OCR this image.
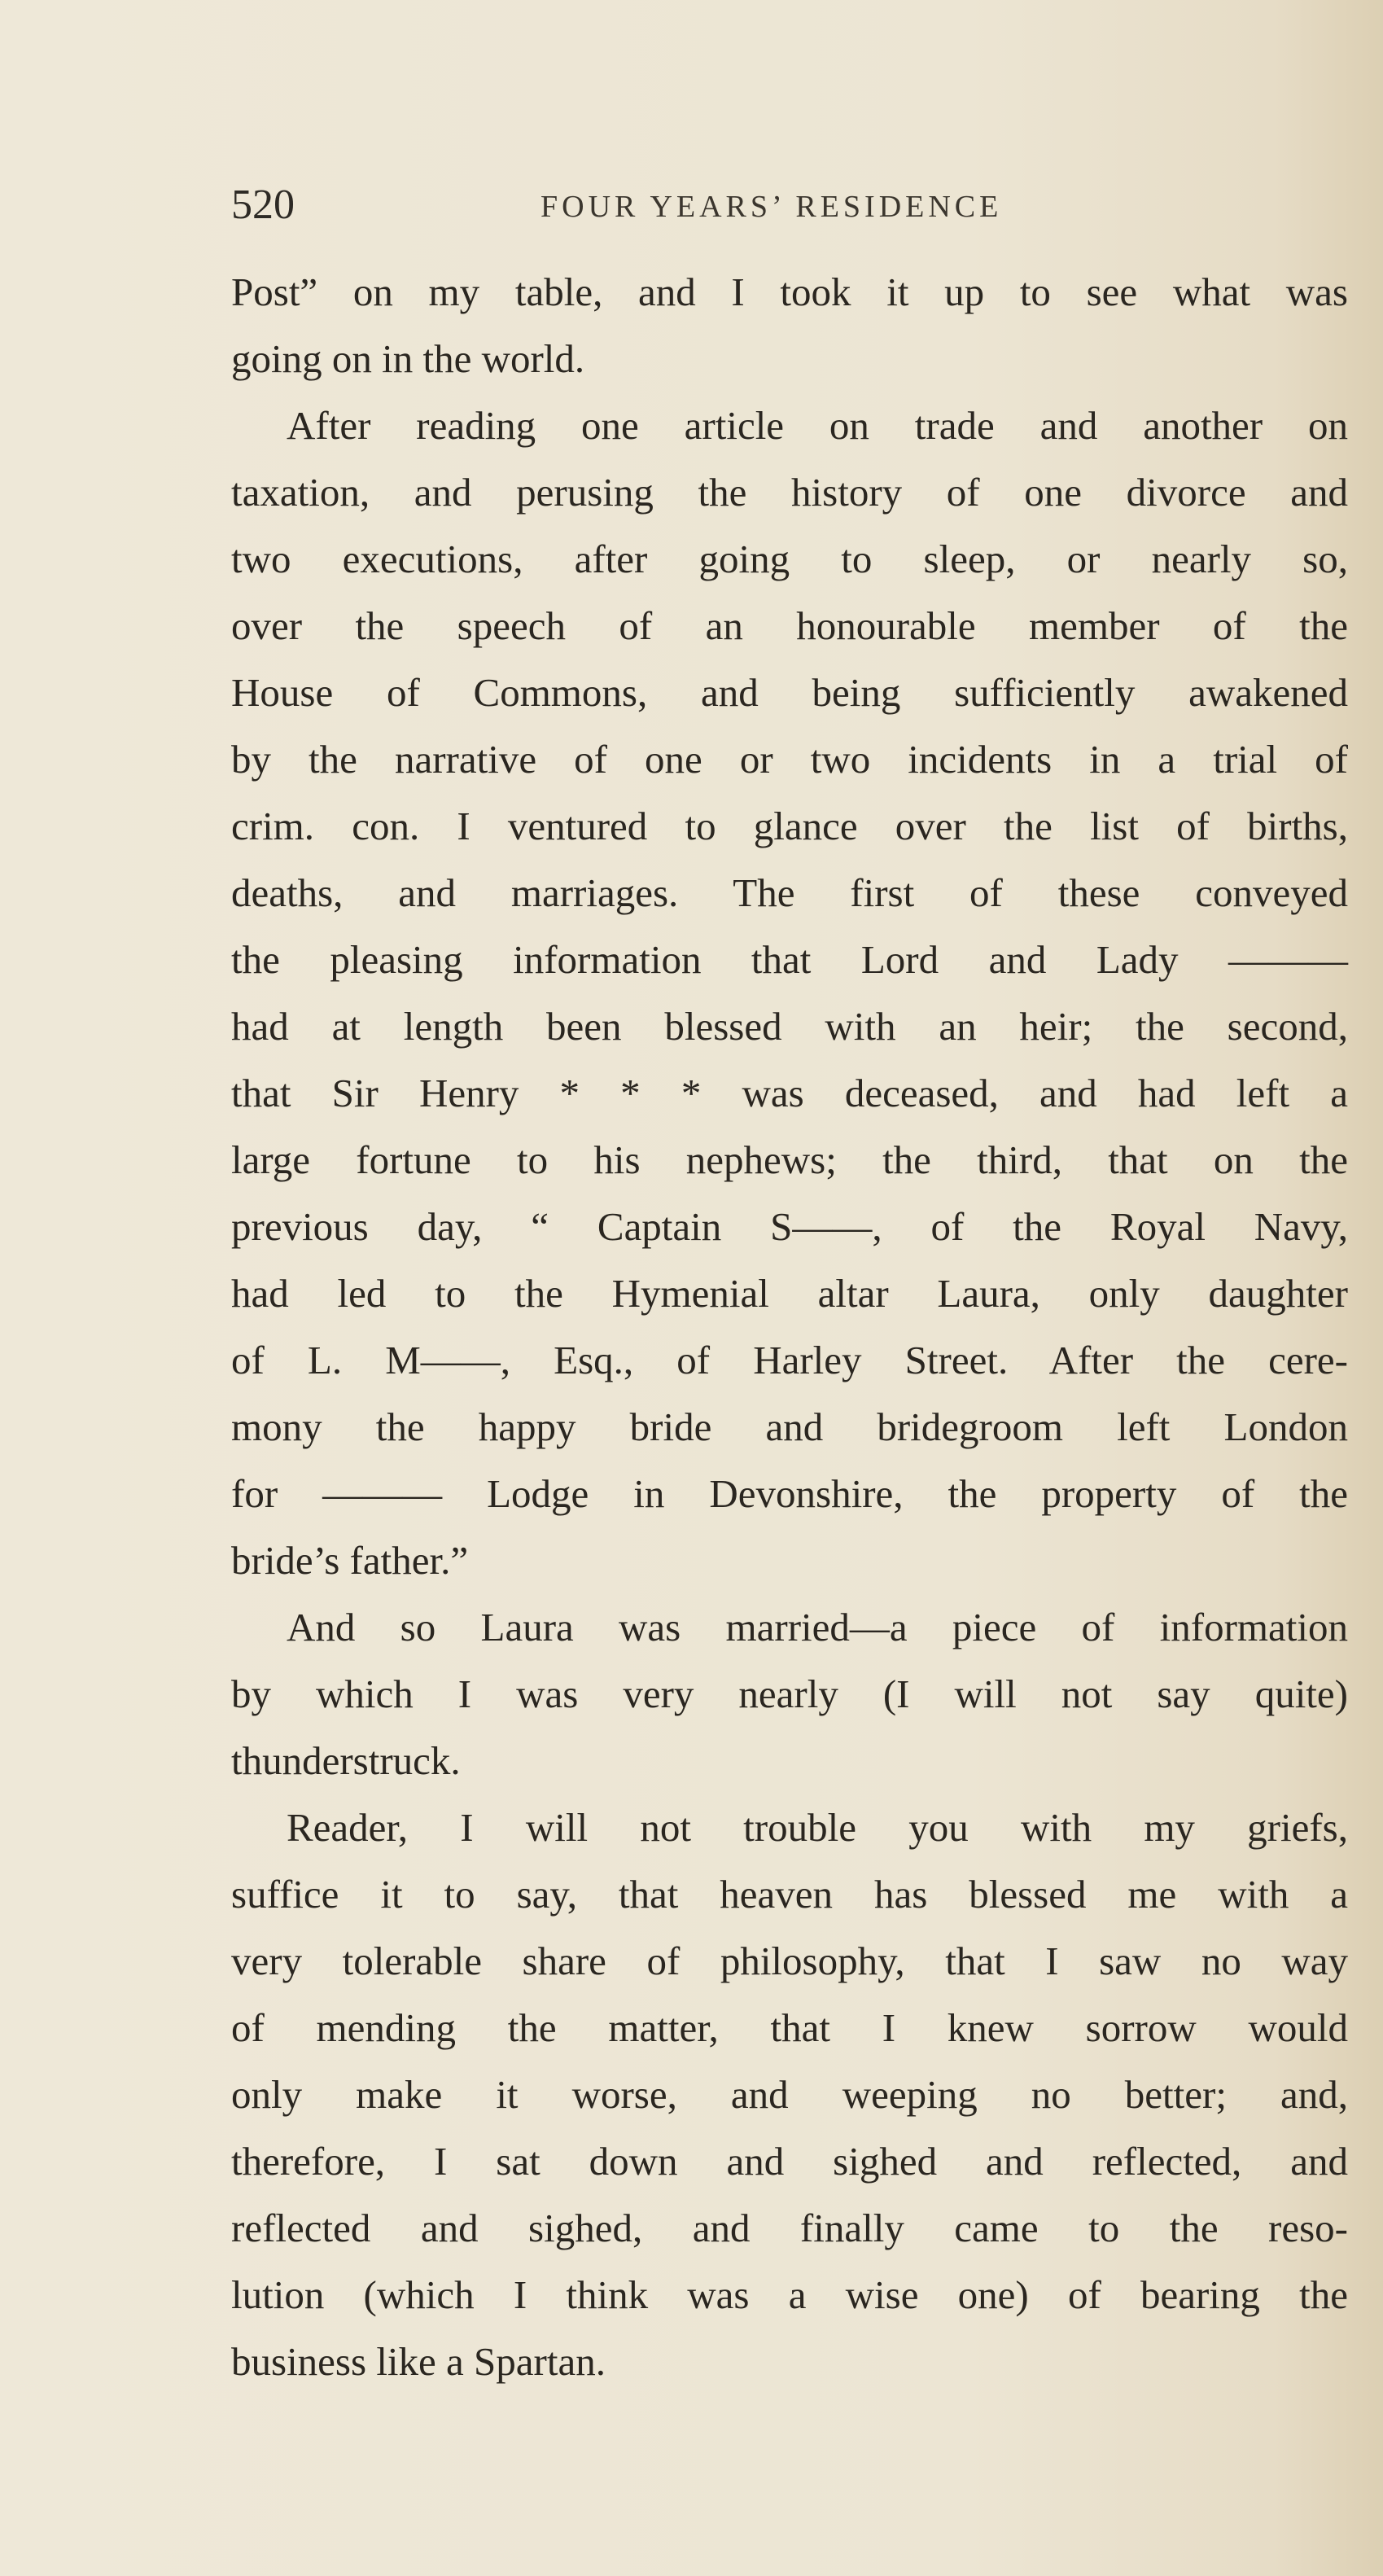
520	FOUR YEARS’ RESIDENCE
Post” on my table, and I took it up to see what was
going on in the world.
After reading one article on trade and another on
taxation, and perusing the history of one divorce and
two executions, after going to sleep, or nearly so,
over the speech of an honourable member of the
House of Commons, and being sufficiently awakened
by the narrative of one or two incidents in a trial of
crim. con. I ventured to glance over the list of births,
deaths, and marriages. The first of these conveyed
the pleasing information that Lord and Lady ———
had at length been blessed with an heir; the second,
that Sir Henry * * * was deceased, and had left a
large fortune to his nephews; the third, that on the
previous day, “ Captain S——, of the Royal Navy,
had led to the Hymenial altar Laura, only daughter
of L. M——, Esq., of Harley Street. After the cere-
mony the happy bride and bridegroom left London
for ——— Lodge in Devonshire, the property of the
bride’s father.”
And so Laura was married—a piece of information
by which I was very nearly (I will not say quite)
thunderstruck.
Reader, I will not trouble you with my griefs,
suffice it to say, that heaven has blessed me with a
very tolerable share of philosophy, that I saw no way
of mending the matter, that I knew sorrow would
only make it worse, and weeping no better; and,
therefore, I sat down and sighed and reflected, and
reflected and sighed, and finally came to the reso-
lution (which I think was a wise one) of bearing the
business like a Spartan.
